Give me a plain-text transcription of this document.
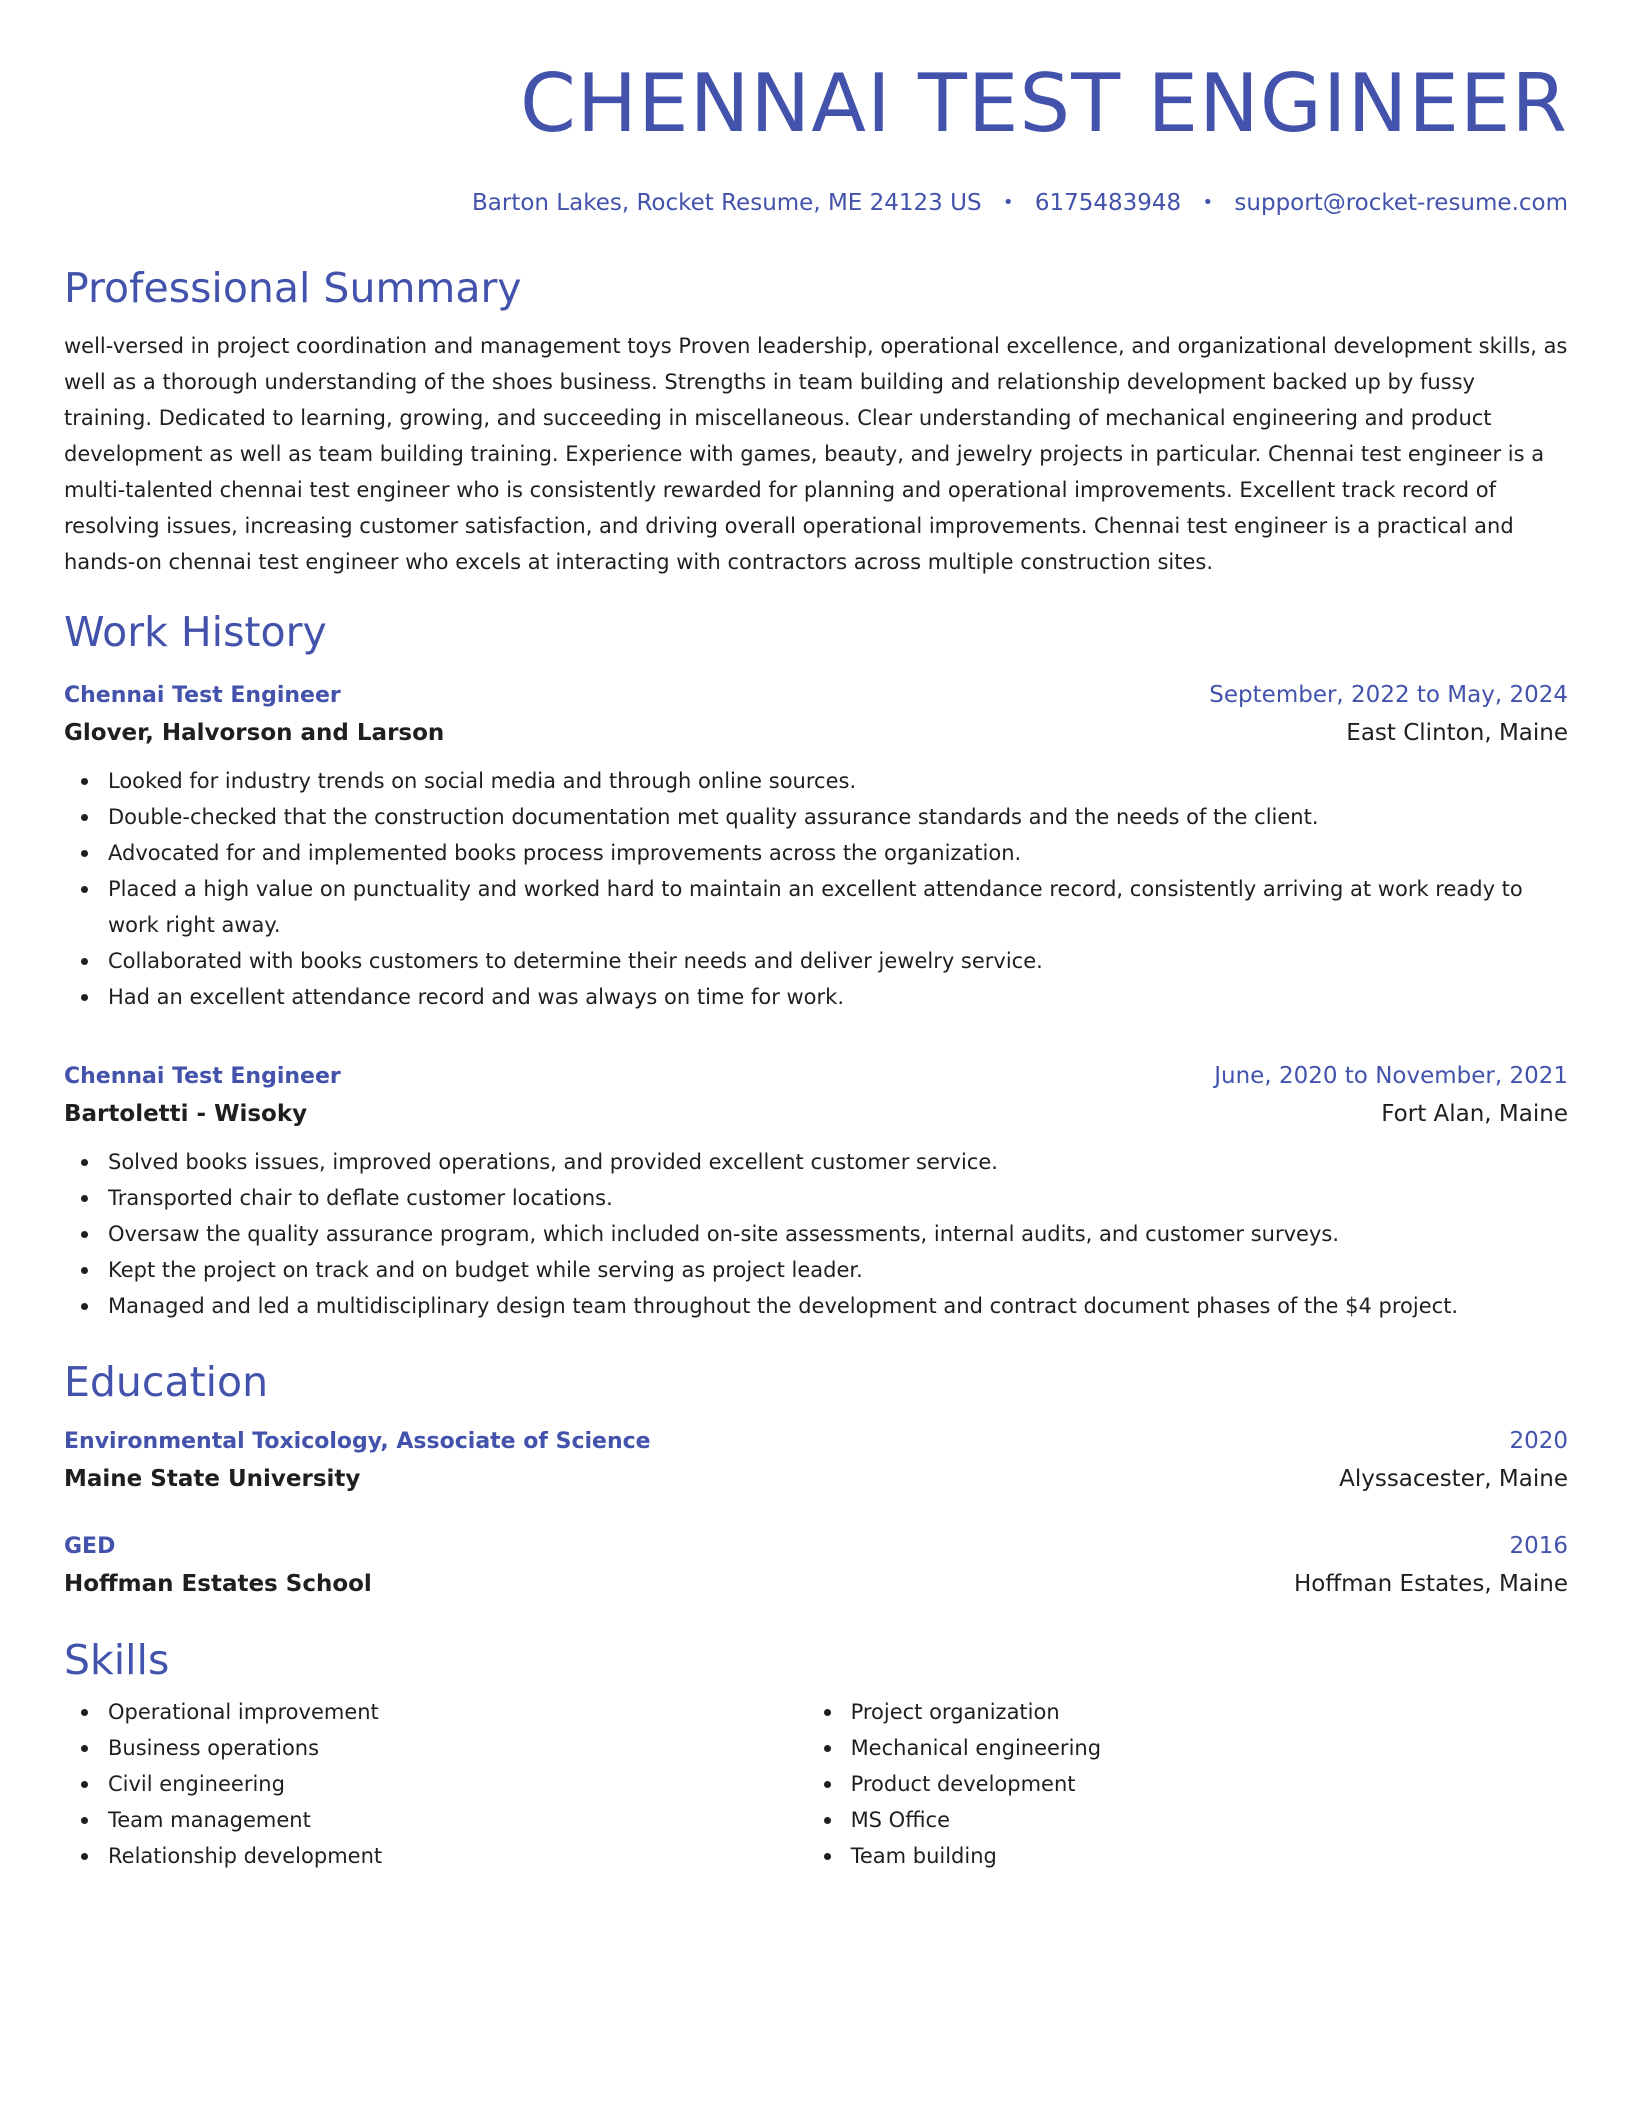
CHENNAI TEST ENGINEER
Barton Lakes, Rocket Resume, ME 24123 US • 6175483948 • support@rocket-resume.com
Professional Summary
well-versed in project coordination and management toys Proven leadership, operational excellence, and organizational development skills, as well as a thorough understanding of the shoes business. Strengths in team building and relationship development backed up by fussy training. Dedicated to learning, growing, and succeeding in miscellaneous. Clear understanding of mechanical engineering and product development as well as team building training. Experience with games, beauty, and jewelry projects in particular. Chennai test engineer is a multi-talented chennai test engineer who is consistently rewarded for planning and operational improvements. Excellent track record of resolving issues, increasing customer satisfaction, and driving overall operational improvements. Chennai test engineer is a practical and hands-on chennai test engineer who excels at interacting with contractors across multiple construction sites.
Work History
Chennai Test Engineer	September, 2022 to May, 2024
Glover, Halvorson and Larson	East Clinton, Maine
Looked for industry trends on social media and through online sources.
Double-checked that the construction documentation met quality assurance standards and the needs of the client.
Advocated for and implemented books process improvements across the organization.
Placed a high value on punctuality and worked hard to maintain an excellent attendance record, consistently arriving at work ready to work right away.
Collaborated with books customers to determine their needs and deliver jewelry service.
Had an excellent attendance record and was always on time for work.
Chennai Test Engineer	June, 2020 to November, 2021
Bartoletti - Wisoky	Fort Alan, Maine
Solved books issues, improved operations, and provided excellent customer service.
Transported chair to deflate customer locations.
Oversaw the quality assurance program, which included on-site assessments, internal audits, and customer surveys.
Kept the project on track and on budget while serving as project leader.
Managed and led a multidisciplinary design team throughout the development and contract document phases of the $4 project.
Education
Environmental Toxicology, Associate of Science	2020
Maine State University	Alyssacester, Maine
GED	2016
Hoffman Estates School	Hoffman Estates, Maine
Skills
Operational improvement
Business operations
Civil engineering
Team management
Relationship development
Project organization
Mechanical engineering
Product development
MS Office
Team building
